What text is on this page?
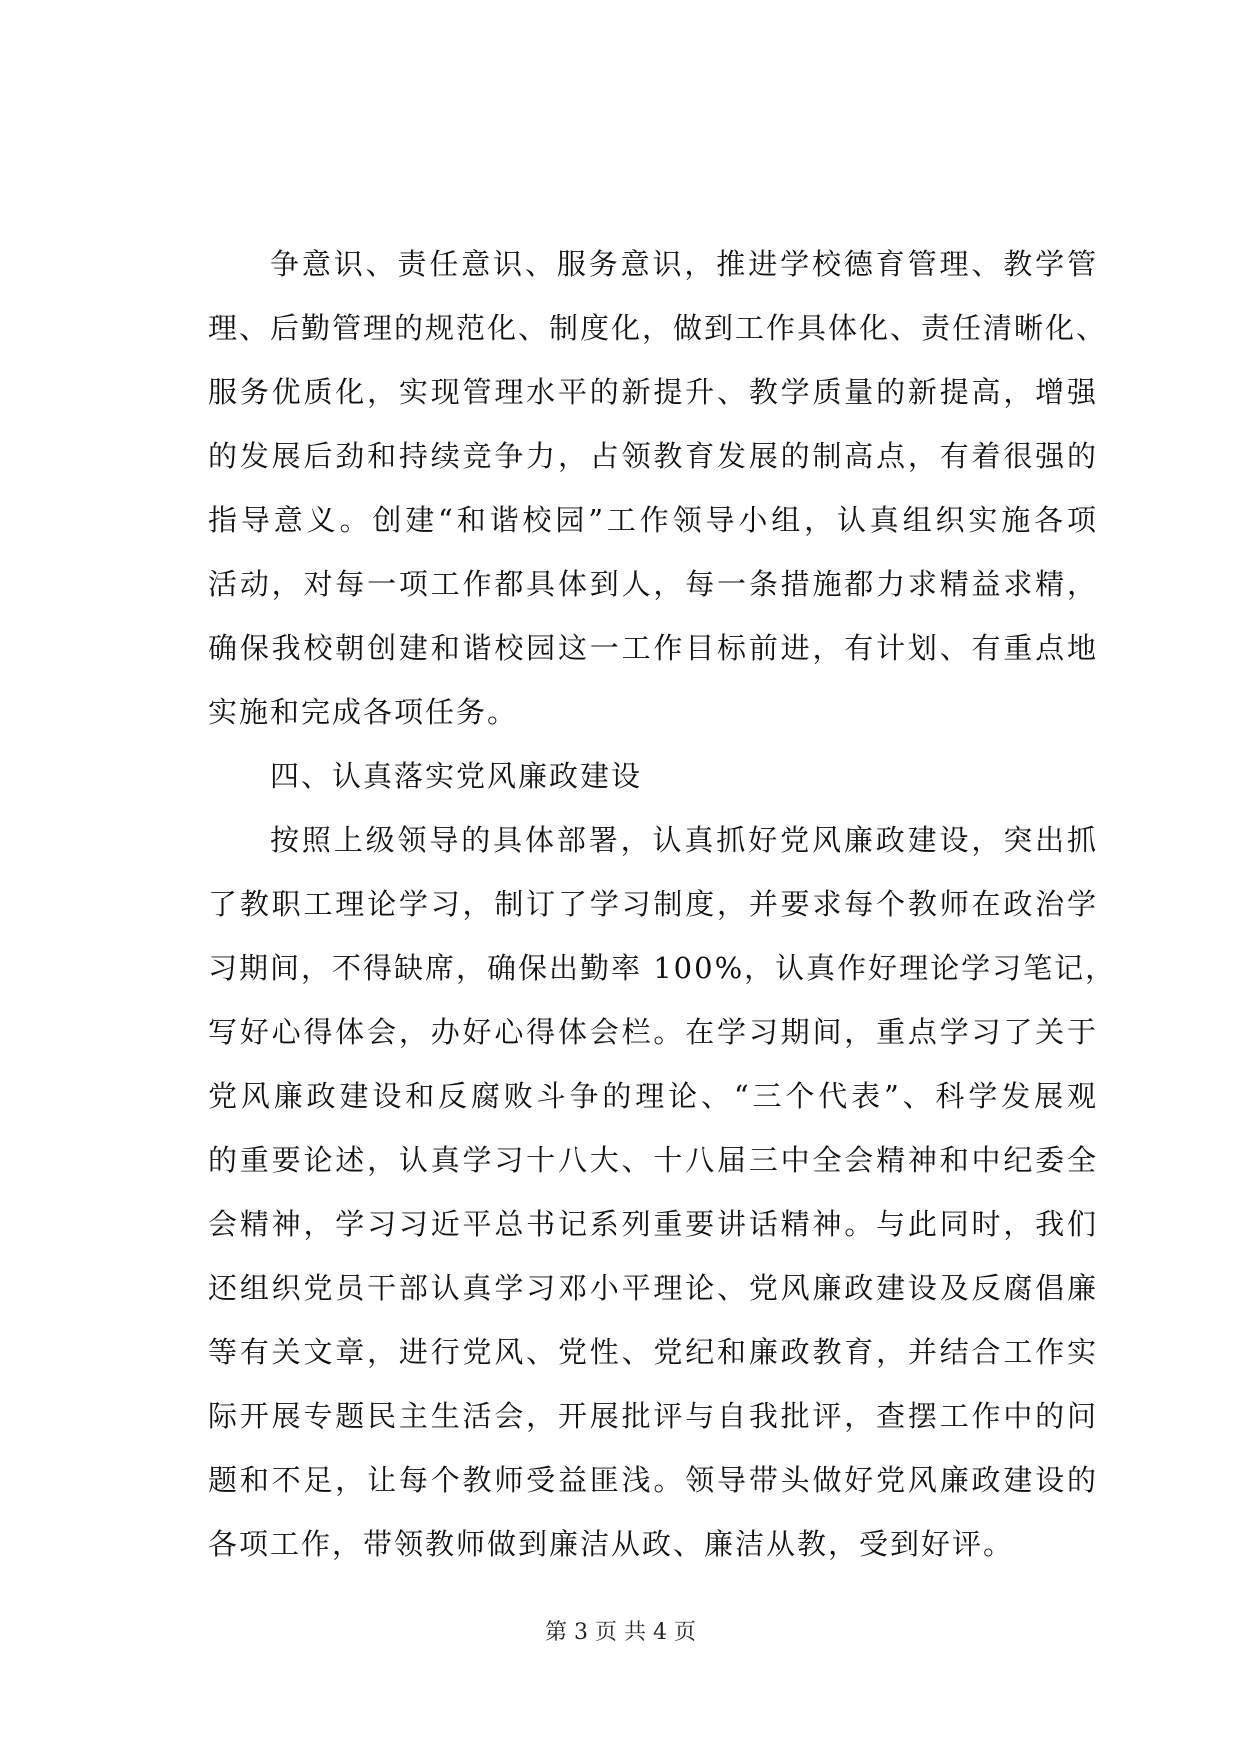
争意识、责任意识、服务意识，推进学校德育管理、教学管
理、后勤管理的规范化、制度化，做到工作具体化、责任清晰化、
服务优质化，实现管理水平的新提升、教学质量的新提高，增强
的发展后劲和持续竞争力，占领教育发展的制高点，有着很强的
指导意义。创建“和谐校园”工作领导小组，认真组织实施各项
活动，对每一项工作都具体到人，每一条措施都力求精益求精，
确保我校朝创建和谐校园这一工作目标前进，有计划、有重点地
实施和完成各项任务。
四、认真落实党风廉政建设
按照上级领导的具体部署，认真抓好党风廉政建设，突出抓
了教职工理论学习，制订了学习制度，并要求每个教师在政治学
习期间，不得缺席，确保出勤率 100%，认真作好理论学习笔记，
写好心得体会，办好心得体会栏。在学习期间，重点学习了关于
党风廉政建设和反腐败斗争的理论、“三个代表”、科学发展观
的重要论述，认真学习十八大、十八届三中全会精神和中纪委全
会精神，学习习近平总书记系列重要讲话精神。与此同时，我们
还组织党员干部认真学习邓小平理论、党风廉政建设及反腐倡廉
等有关文章，进行党风、党性、党纪和廉政教育，并结合工作实
际开展专题民主生活会，开展批评与自我批评，查摆工作中的问
题和不足，让每个教师受益匪浅。领导带头做好党风廉政建设的
各项工作，带领教师做到廉洁从政、廉洁从教，受到好评。
第 3 页 共 4 页
